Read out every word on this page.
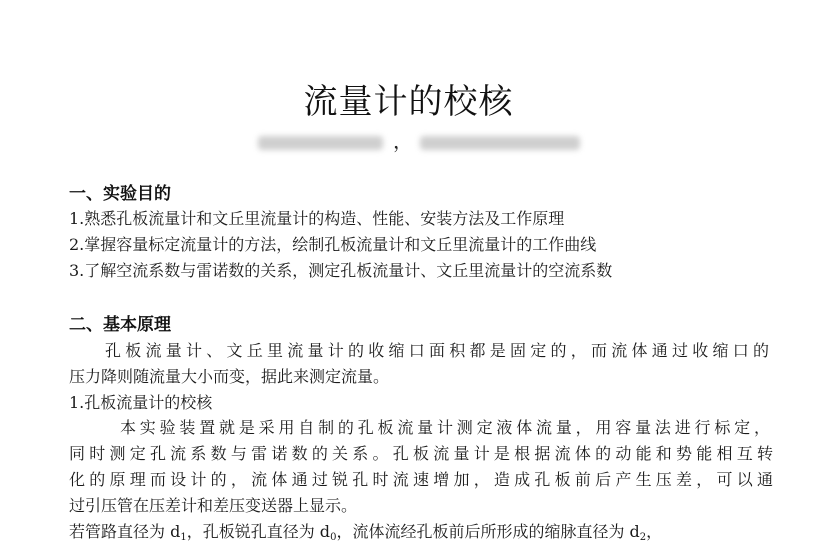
流量计的校核
，
一、实验目的
1.熟悉孔板流量计和文丘里流量计的构造、性能、安装方法及工作原理
2.掌握容量标定流量计的方法，绘制孔板流量计和文丘里流量计的工作曲线
3.了解空流系数与雷诺数的关系，测定孔板流量计、文丘里流量计的空流系数
二、基本原理
孔板流量计、文丘里流量计的收缩口面积都是固定的，而流体通过收缩口的
压力降则随流量大小而变，据此来测定流量。
1.孔板流量计的校核
本实验装置就是采用自制的孔板流量计测定液体流量，用容量法进行标定，
同时测定孔流系数与雷诺数的关系。孔板流量计是根据流体的动能和势能相互转
化的原理而设计的，流体通过锐孔时流速增加，造成孔板前后产生压差，可以通
过引压管在压差计和差压变送器上显示。
若管路直径为 $d_1$，孔板锐孔直径为 $d_0$，流体流经孔板前后所形成的缩脉直径为 $d_2$，
